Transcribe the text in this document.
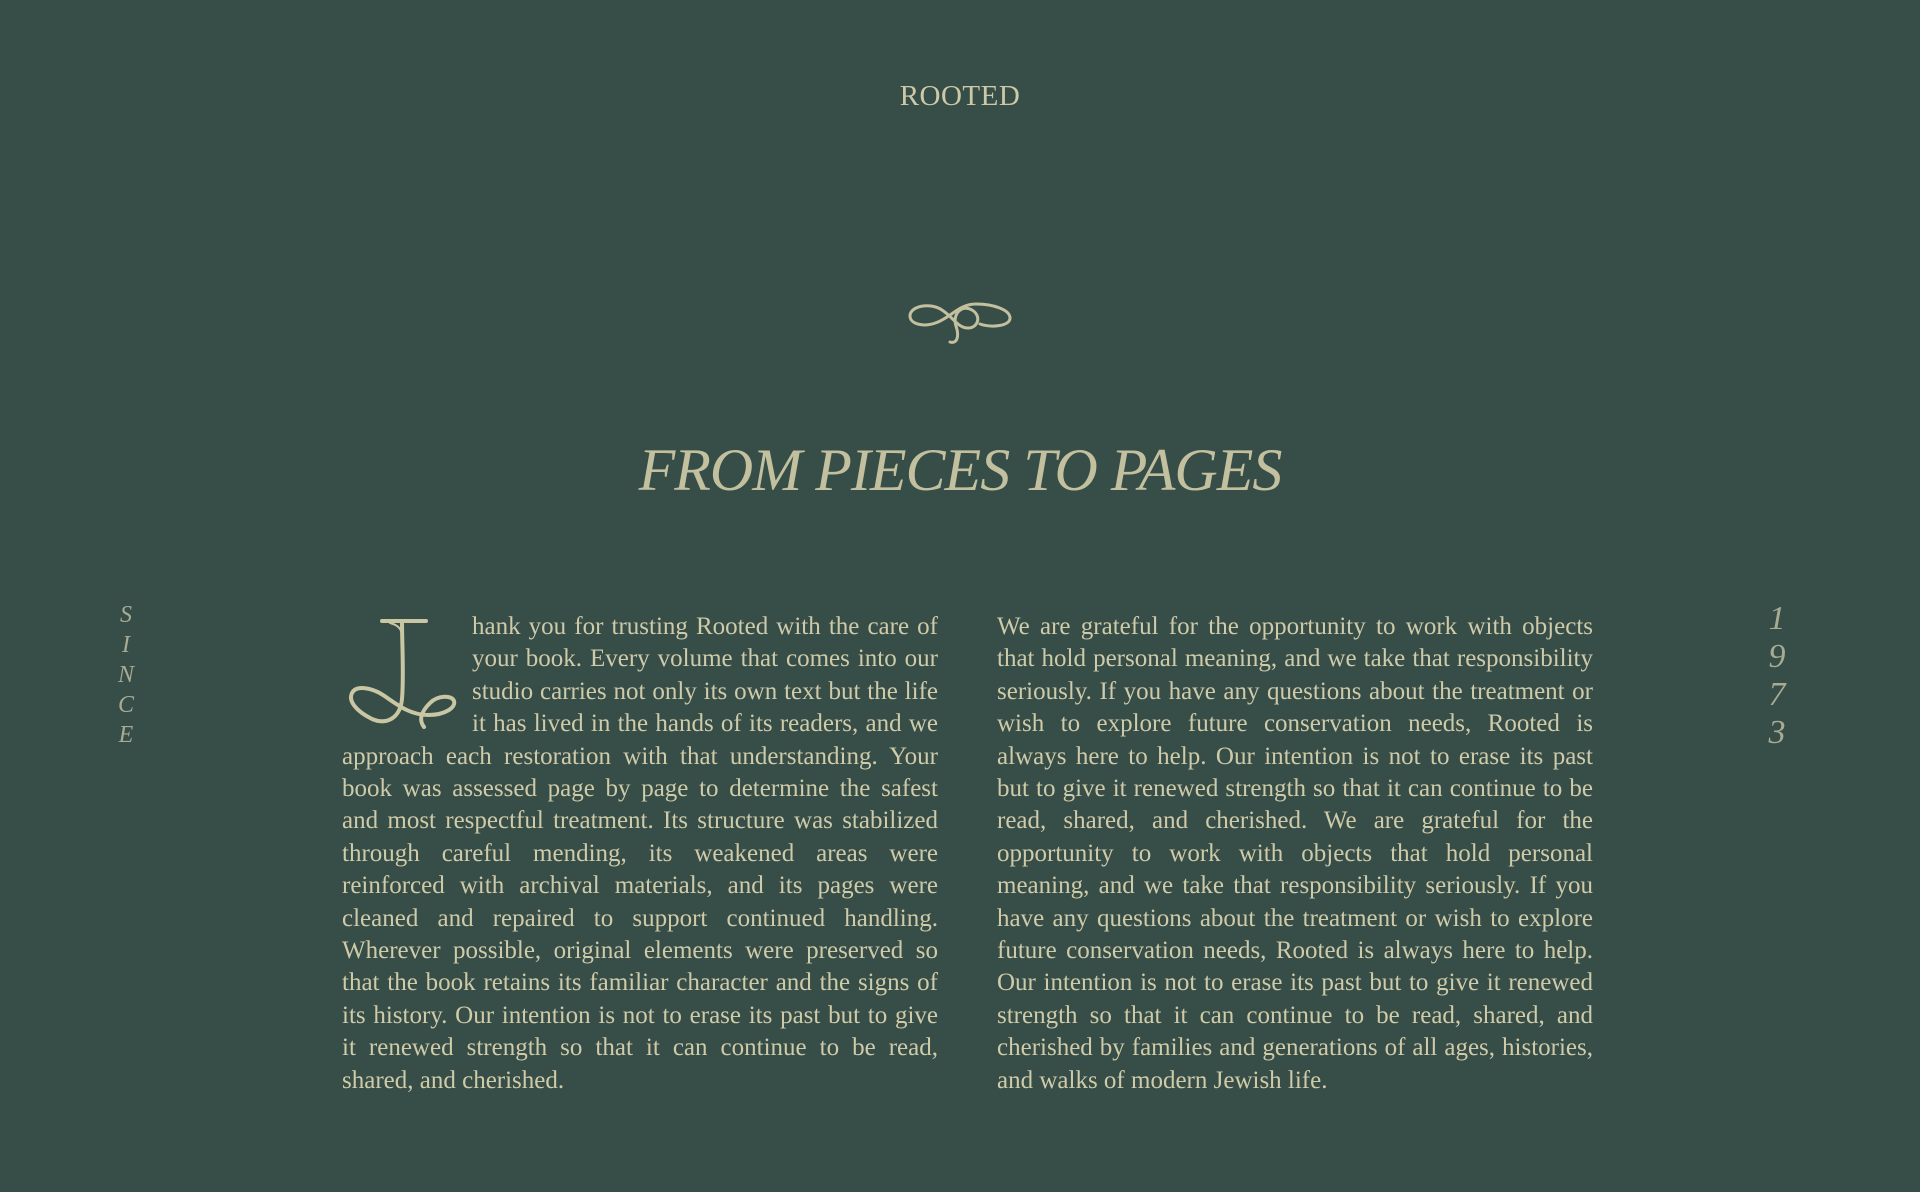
ROOTED
FROM PIECES TO PAGES
S
I
N
C
E
1
9
7
3
hank you for trusting Rooted with the care of your book. Every volume that comes into our studio carries not only its own text but the life it has lived in the hands of its readers, and we approach each restoration with that understanding. Your book was assessed page by page to determine the safest and most respectful treatment. Its structure was stabilized through careful mending, its weakened areas were reinforced with archival materials, and its pages were cleaned and repaired to support continued handling. Wherever possible, original elements were preserved so that the book retains its familiar character and the signs of its history. Our intention is not to erase its past but to give it renewed strength so that it can continue to be read, shared, and cherished.
We are grateful for the opportunity to work with objects that hold personal meaning, and we take that responsibility seriously. If you have any questions about the treatment or wish to explore future conservation needs, Rooted is always here to help. Our intention is not to erase its past but to give it renewed strength so that it can continue to be read, shared, and cherished. We are grateful for the opportunity to work with objects that hold personal meaning, and we take that responsibility seriously. If you have any questions about the treatment or wish to explore future conservation needs, Rooted is always here to help. Our intention is not to erase its past but to give it renewed strength so that it can continue to be read, shared, and cherished by families and generations of all ages, histories, and walks of modern Jewish life.
